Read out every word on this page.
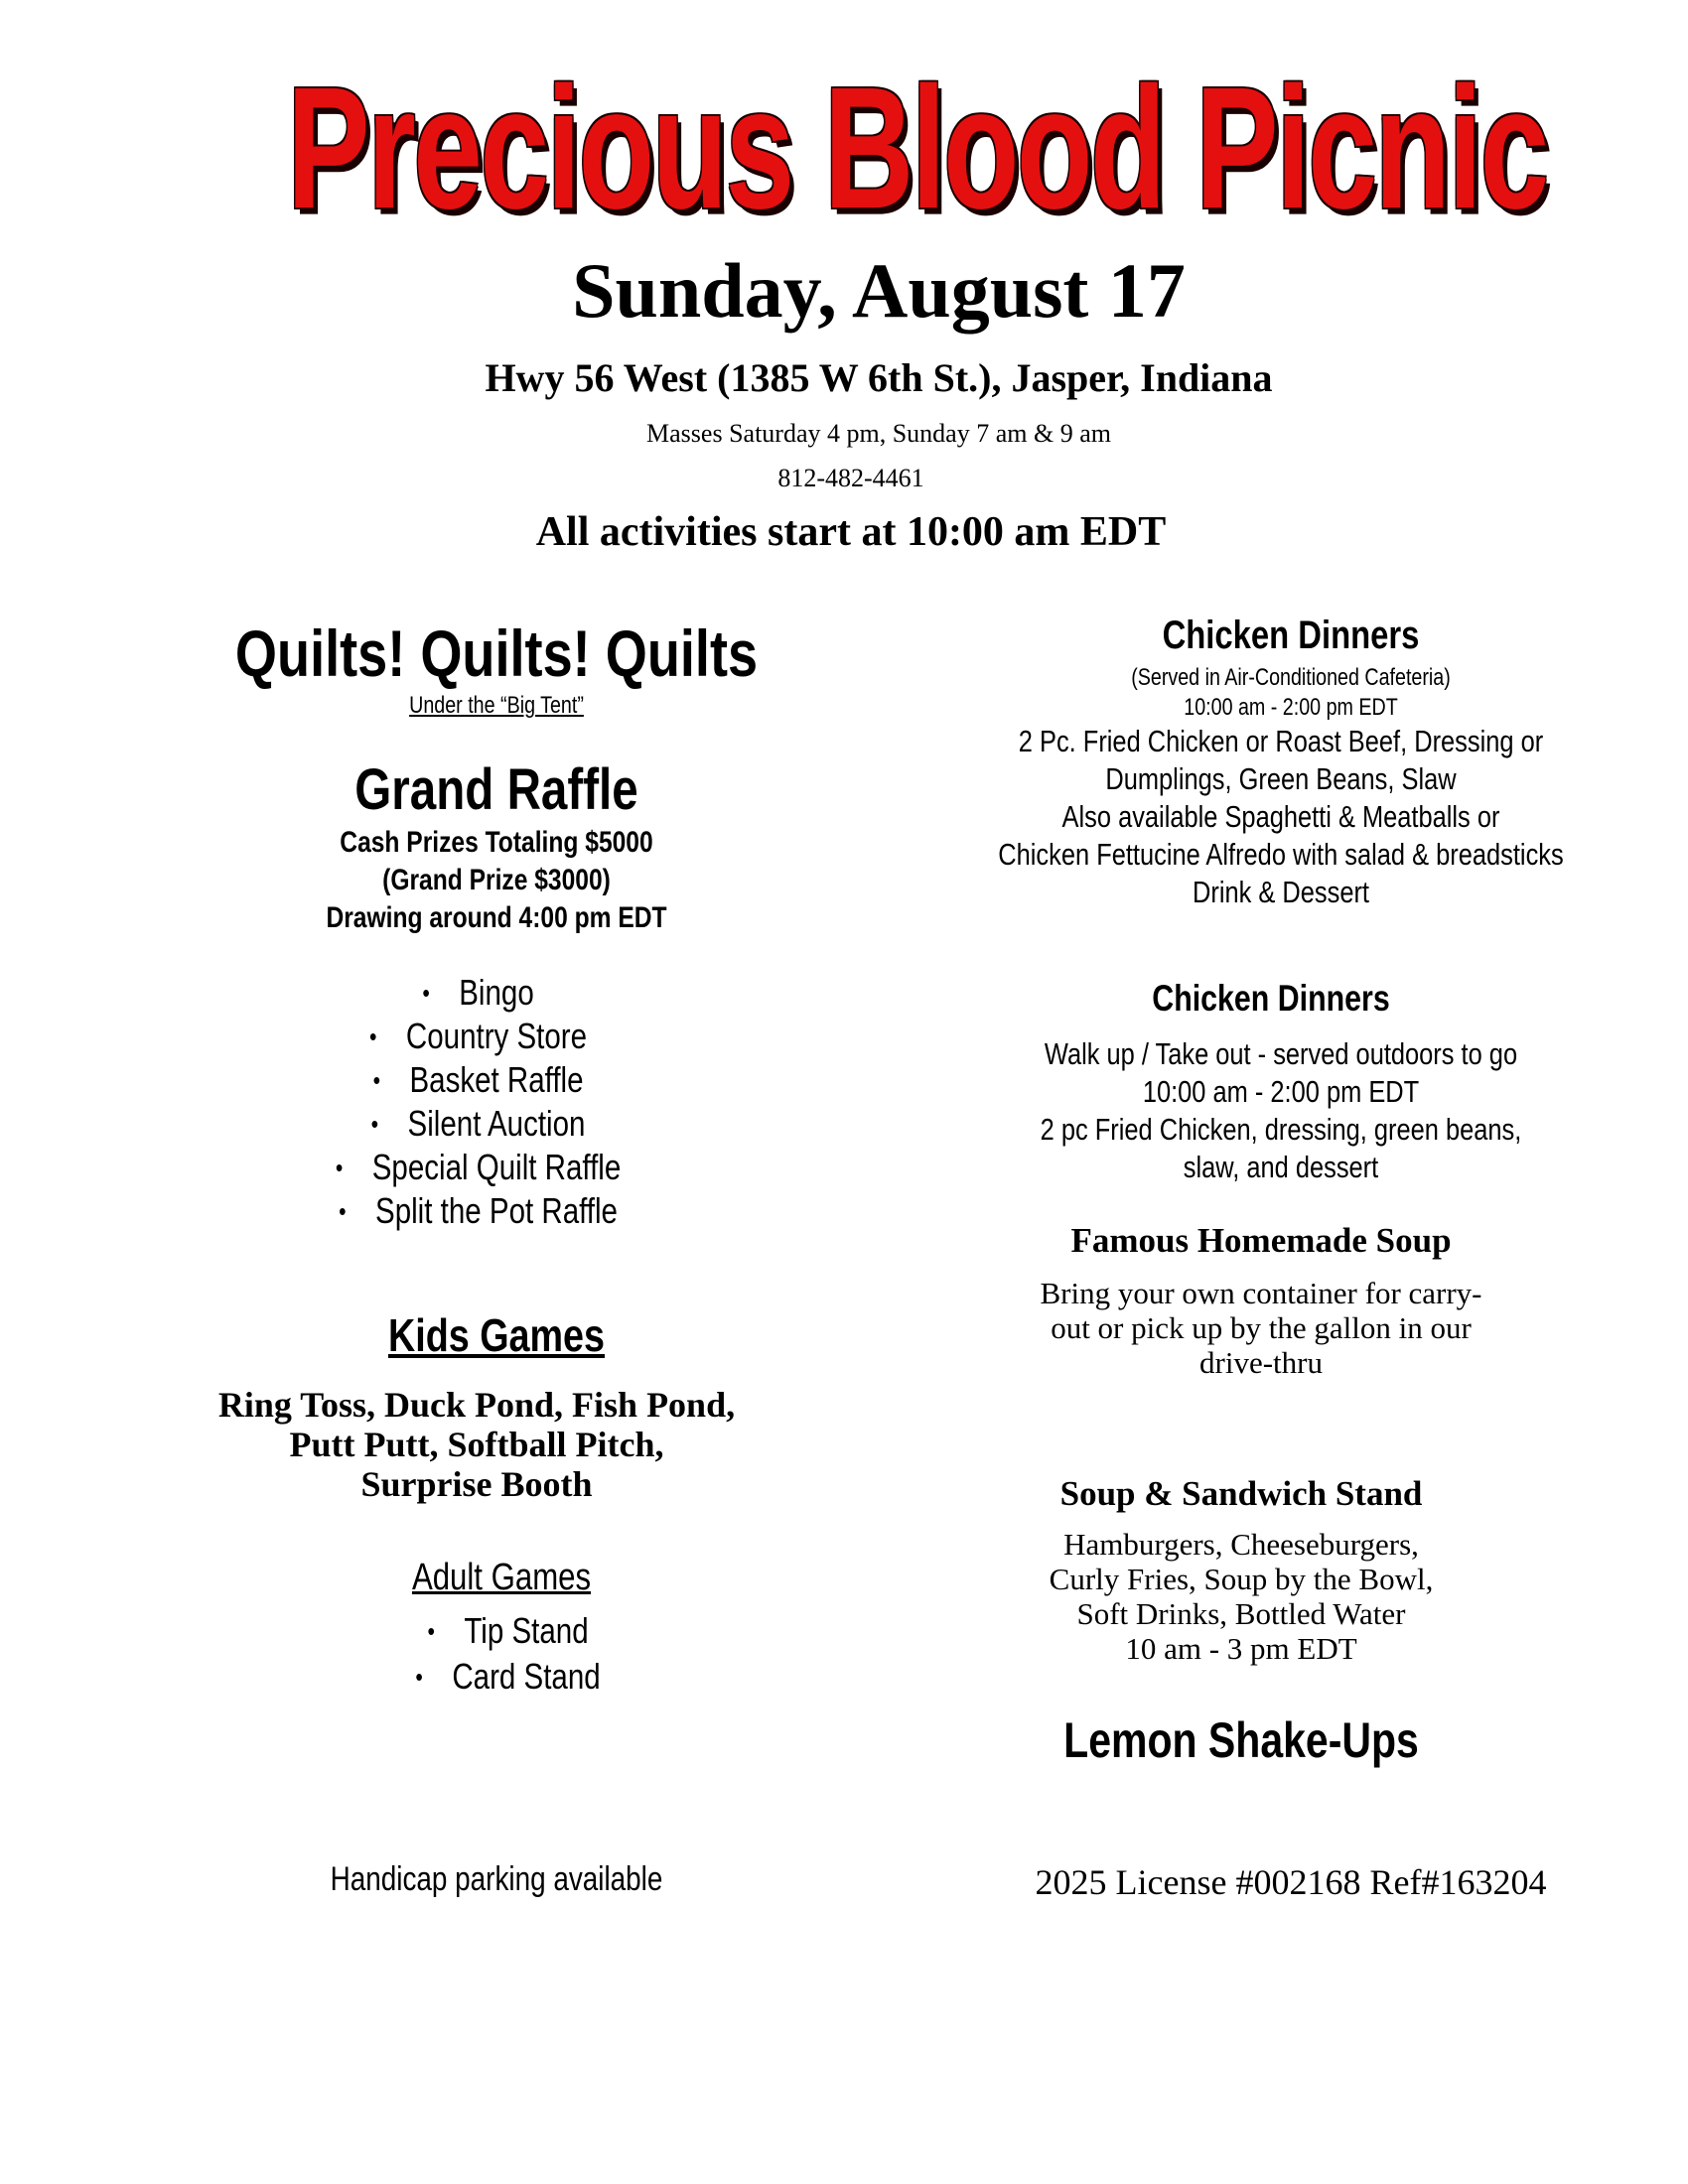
Precious Blood Picnic
Sunday, August 17
Hwy 56 West (1385 W 6th St.), Jasper, Indiana
Masses Saturday 4 pm, Sunday 7 am & 9 am
812-482-4461
All activities start at 10:00 am EDT
Quilts! Quilts! Quilts
Under the “Big Tent”
Grand Raffle
Cash Prizes Totaling $5000
(Grand Prize $3000)
Drawing around 4:00 pm EDT
• Bingo
• Country Store
• Basket Raffle
• Silent Auction
• Special Quilt Raffle
• Split the Pot Raffle
Kids Games
Ring Toss, Duck Pond, Fish Pond,
Putt Putt, Softball Pitch,
Surprise Booth
Adult Games
• Tip Stand
• Card Stand
Handicap parking available
Chicken Dinners
(Served in Air-Conditioned Cafeteria)
10:00 am - 2:00 pm EDT
2 Pc. Fried Chicken or Roast Beef, Dressing or
Dumplings, Green Beans, Slaw
Also available Spaghetti & Meatballs or
Chicken Fettucine Alfredo with salad & breadsticks
Drink & Dessert
Chicken Dinners
Walk up / Take out - served outdoors to go
10:00 am - 2:00 pm EDT
2 pc Fried Chicken, dressing, green beans,
slaw, and dessert
Famous Homemade Soup
Bring your own container for carry-
out or pick up by the gallon in our
drive-thru
Soup & Sandwich Stand
Hamburgers, Cheeseburgers,
Curly Fries, Soup by the Bowl,
Soft Drinks, Bottled Water
10 am - 3 pm EDT
Lemon Shake-Ups
2025 License #002168 Ref#163204
